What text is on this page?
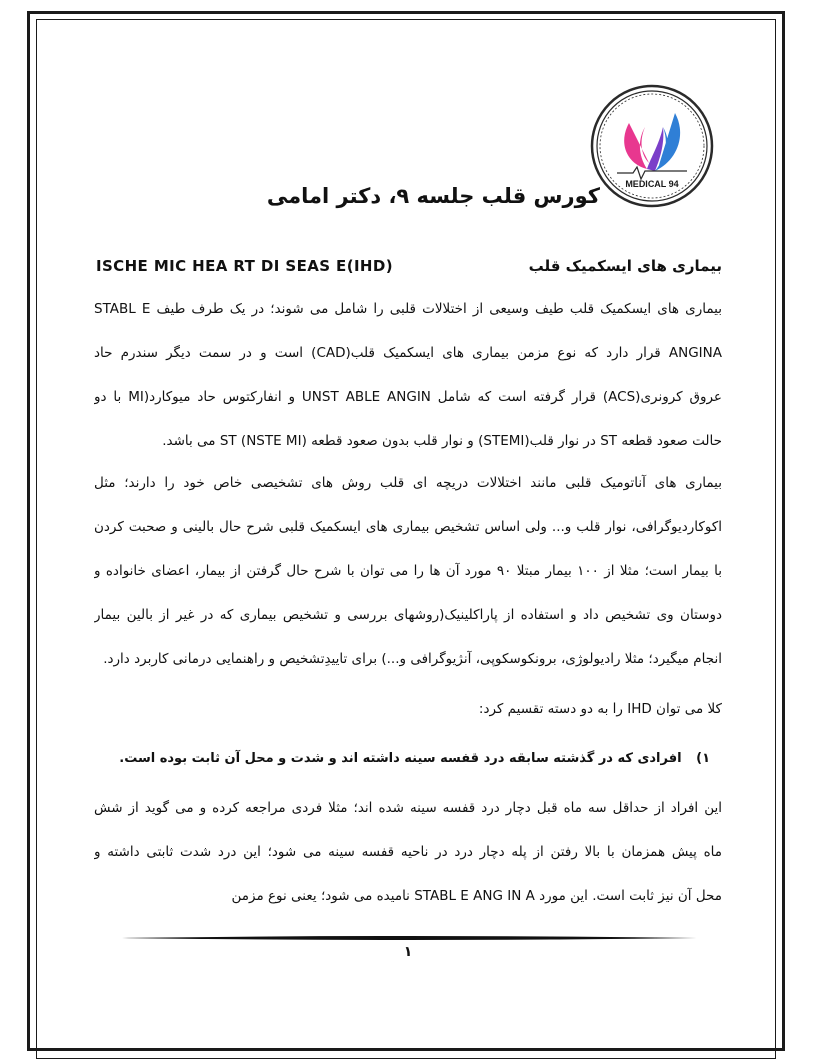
MEDICAL 94
کورس قلب جلسه ۹، دکتر امامی
ISCHE MIC HEA RT DI SEAS E(IHD)	بیماری های ایسکمیک قلب
بیماری های ایسکمیک قلب طیف وسیعی از اختلالات قلبی را شامل می شوند؛ در یک طرف طیف STABL E
ANGINA قرار دارد که نوع مزمن بیماری های ایسکمیک قلب(CAD) است و در سمت دیگر سندرم حاد
عروق کرونری(ACS) قرار گرفته است که شامل UNST ABLE ANGIN و انفارکتوس حاد میوکارد(MI با دو
حالت صعود قطعه ST در نوار قلب(STEMI) و نوار قلب بدون صعود قطعه ST (NSTE MI) می باشد.
بیماری های آناتومیک قلبی مانند اختلالات دریچه ای قلب روش های تشخیصی خاص خود را دارند؛ مثل
اکوکاردیوگرافی، نوار قلب و... ولی اساس تشخیص بیماری های ایسکمیک قلبی شرح حال بالینی و صحبت کردن
با بیمار است؛ مثلا از ۱۰۰ بیمار مبتلا ۹۰ مورد آن ها را می توان با شرح حال گرفتن از بیمار، اعضای خانواده و
دوستان وی تشخیص داد و استفاده از پاراکلینیک(روشهای بررسی و تشخیص بیماری که در غیر از بالین بیمار
انجام میگیرد؛ مثلا رادیولوژی، برونکوسکوپی، آنژیوگرافی و...) برای تاییدِتشخیص و راهنمایی درمانی کاربرد دارد.
کلا می توان IHD را به دو دسته تقسیم کرد:
۱) افرادی که در گذشته سابقه درد قفسه سینه داشته اند و شدت و محل آن ثابت بوده است.
این افراد از حداقل سه ماه قبل دچار درد قفسه سینه شده اند؛ مثلا فردی مراجعه کرده و می گوید از شش
ماه پیش همزمان با بالا رفتن از پله دچار درد در ناحیه قفسه سینه می شود؛ این درد شدت ثابتی داشته و
محل آن نیز ثابت است. این مورد STABL E ANG IN A نامیده می شود؛ یعنی نوع مزمن
۱
